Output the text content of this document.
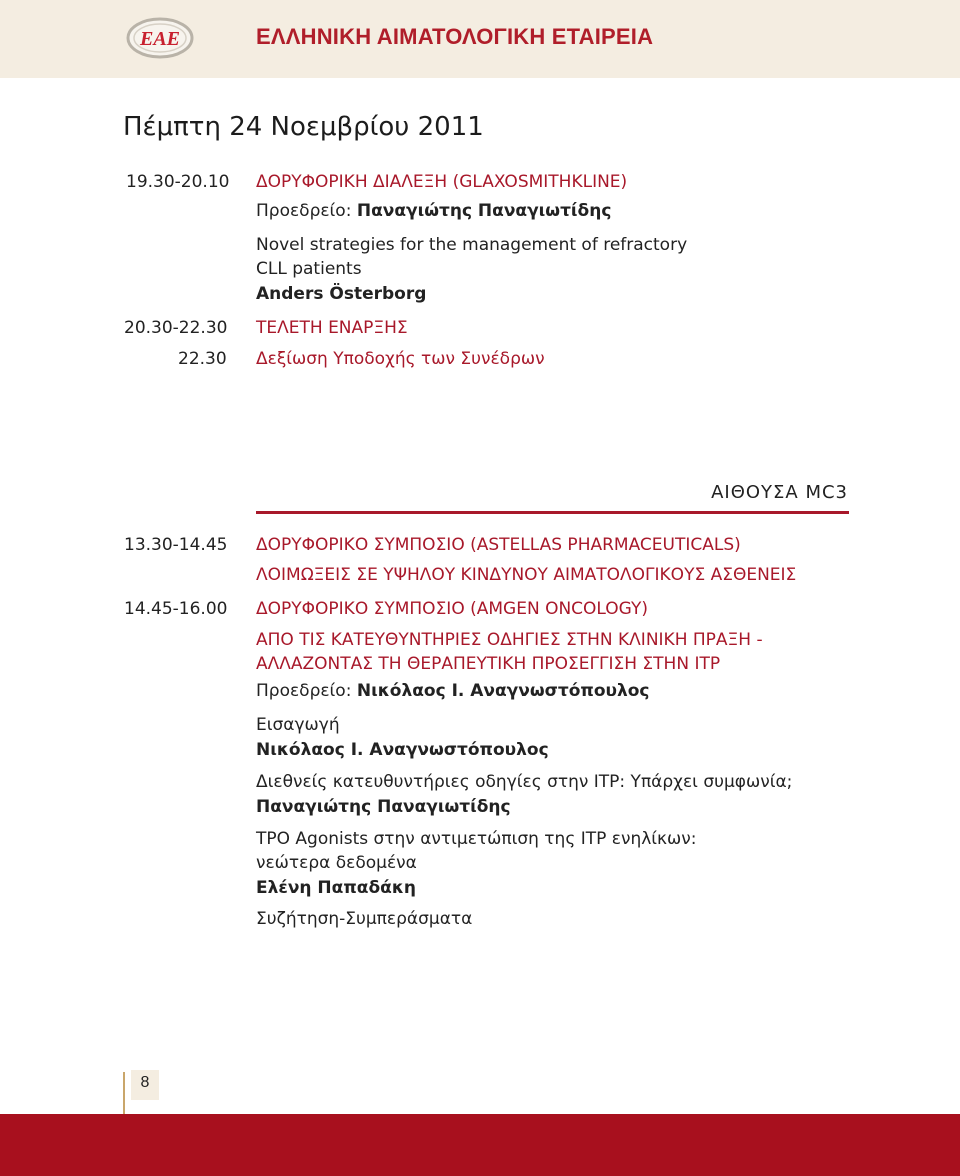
EAE	ΕΛΛΗΝΙΚΗ ΑΙΜΑΤΟΛΟΓΙΚΗ ΕΤΑΙΡΕΙΑ
Πέμπτη 24 Νοεμβρίου 2011
19.30-20.10 ΔΟΡΥΦΟΡΙΚΗ ΔΙΑΛΕΞΗ (GLAXOSMITHKLINE)
Προεδρείο: Παναγιώτης Παναγιωτίδης
Novel strategies for the management of refractory
CLL patients
Anders Österborg
20.30-22.30 ΤΕΛΕΤΗ ΕΝΑΡΞΗΣ
22.30 Δεξίωση Υποδοχής των Συνέδρων
ΑΙΘΟΥΣΑ MC3
13.30-14.45 ΔΟΡΥΦΟΡΙΚΟ ΣΥΜΠΟΣΙΟ (ASTELLAS PHARMACEUTICALS)
ΛΟΙΜΩΞΕΙΣ ΣΕ ΥΨΗΛΟΥ ΚΙΝΔΥΝΟΥ ΑΙΜΑΤΟΛΟΓΙΚΟΥΣ ΑΣΘΕΝΕΙΣ
14.45-16.00 ΔΟΡΥΦΟΡΙΚΟ ΣΥΜΠΟΣΙΟ (AMGEN ONCOLOGY)
ΑΠΟ ΤΙΣ ΚΑΤΕΥΘΥΝΤΗΡΙΕΣ ΟΔΗΓΙΕΣ ΣΤΗΝ ΚΛΙΝΙΚΗ ΠΡΑΞΗ -
ΑΛΛΑΖΟΝΤΑΣ ΤΗ ΘΕΡΑΠΕΥΤΙΚΗ ΠΡΟΣΕΓΓΙΣΗ ΣΤΗΝ ITP
Προεδρείο: Νικόλαος Ι. Αναγνωστόπουλος
Εισαγωγή
Νικόλαος Ι. Αναγνωστόπουλος
Διεθνείς κατευθυντήριες οδηγίες στην ITP: Υπάρχει συμφωνία;
Παναγιώτης Παναγιωτίδης
TPO Agonists στην αντιμετώπιση της ITP ενηλίκων:
νεώτερα δεδομένα
Ελένη Παπαδάκη
Συζήτηση-Συμπεράσματα
8
